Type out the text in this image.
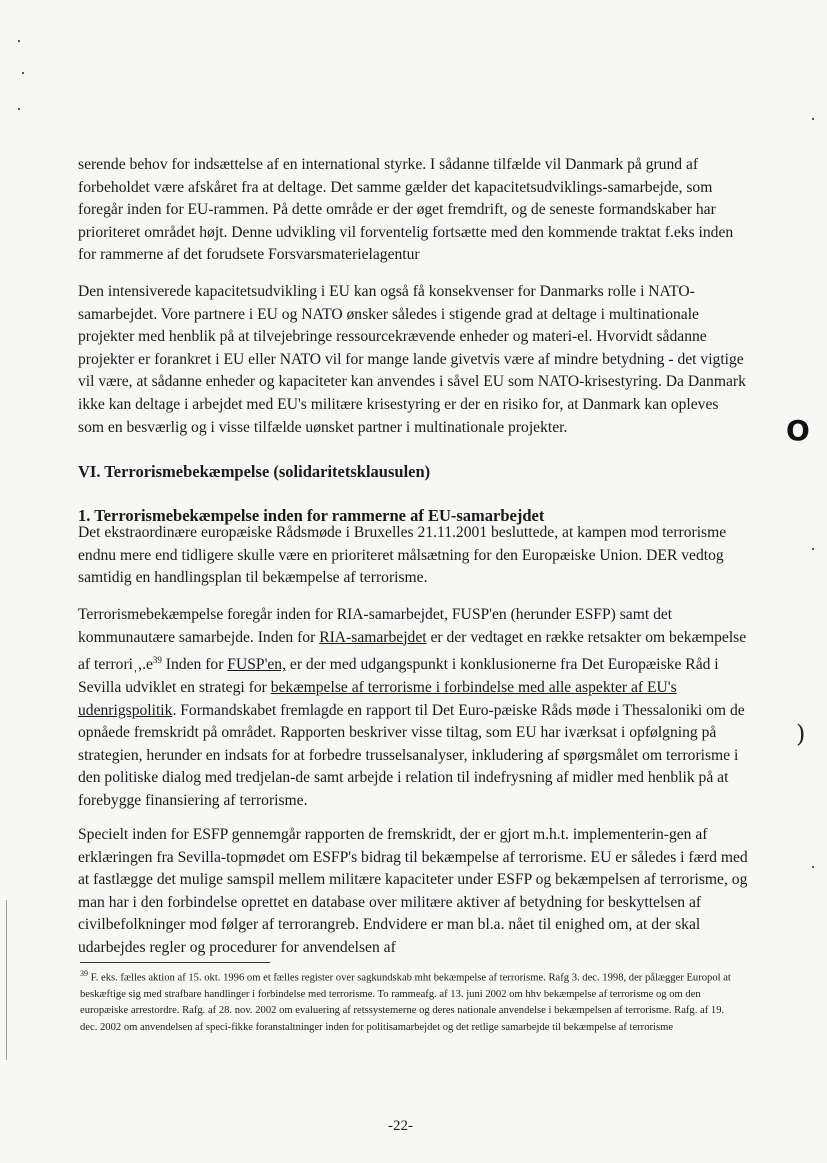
serende behov for indsættelse af en international styrke. I sådanne tilfælde vil Danmark på grund af forbeholdet være afskåret fra at deltage. Det samme gælder det kapacitetsudviklings-samarbejde, som foregår inden for EU-rammen. På dette område er der øget fremdrift, og de seneste formandskaber har prioriteret området højt. Denne udvikling vil forventelig fortsætte med den kommende traktat f.eks inden for rammerne af det forudsete Forsvarsmaterielagentur

Den intensiverede kapacitetsudvikling i EU kan også få konsekvenser for Danmarks rolle i NATO-samarbejdet. Vore partnere i EU og NATO ønsker således i stigende grad at deltage i multinationale projekter med henblik på at tilvejebringe ressourcekrævende enheder og materi-el. Hvorvidt sådanne projekter er forankret i EU eller NATO vil for mange lande givetvis være af mindre betydning - det vigtige vil være, at sådanne enheder og kapaciteter kan anvendes i såvel EU som NATO-krisestyring. Da Danmark ikke kan deltage i arbejdet med EU's militære krisestyring er der en risiko for, at Danmark kan opleves som en besværlig og i visse tilfælde uønsket partner i multinationale projekter.	O
VI. Terrorismebekæmpelse (solidaritetsklausulen)
1. Terrorismebekæmpelse inden for rammerne af EU-samarbejdet

Det ekstraordinære europæiske Rådsmøde i Bruxelles 21.11.2001 besluttede, at kampen mod terrorisme endnu mere end tidligere skulle være en prioriteret målsætning for den Europæiske Union. DER vedtog samtidig en handlingsplan til bekæmpelse af terrorisme.

Terrorismebekæmpelse foregår inden for RIA-samarbejdet, FUSP'en (herunder ESFP) samt det kommunautære samarbejde. Inden for RIA-samarbejdet er der vedtaget en række retsakter om bekæmpelse af $terroriˌ,.e^{39}$ Inden for FUSP'en, er der med udgangspunkt i konklusionerne fra Det Europæiske Råd i Sevilla udviklet en strategi for bekæmpelse af terrorisme i forbindelse med alle aspekter af EU's udenrigspolitik. Formandskabet fremlagde en rapport til Det Euro-pæiske Råds møde i Thessaloniki om de opnåede fremskridt på området. Rapporten beskriver visse tiltag, som EU har iværksat i opfølgning på strategien, herunder en indsats for at forbedre trusselsanalyser, inkludering af spørgsmålet om terrorisme i den politiske dialog med tredjelan-de samt arbejde i relation til indefrysning af midler med henblik på at forebygge finansiering af terrorisme.

)

Specielt inden for ESFP gennemgår rapporten de fremskridt, der er gjort m.h.t. implementerin-gen af erklæringen fra Sevilla-topmødet om ESFP's bidrag til bekæmpelse af terrorisme. EU er således i færd med at fastlægge det mulige samspil mellem militære kapaciteter under ESFP og bekæmpelsen af terrorisme, og man har i den forbindelse oprettet en database over militære aktiver af betydning for beskyttelsen af civilbefolkninger mod følger af terrorangreb. Endvidere er man bl.a. nået til enighed om, at der skal udarbejdes regler og procedurer for anvendelsen af

$^{39}$ F. eks. fælles aktion af 15. okt. 1996 om et fælles register over sagkundskab mht bekæmpelse af terrorisme. Rafg 3. dec. 1998, der pålægger Europol at beskæftige sig med strafbare handlinger i forbindelse med terrorisme. To rammeafg. af 13. juni 2002 om hhv bekæmpelse af terrorisme og om den europæiske arrestordre. Rafg. af 28. nov. 2002 om evaluering af retssystemerne og deres nationale anvendelse i bekæmpelsen af terrorisme. Rafg. af 19. dec. 2002 om anvendelsen af speci-fikke foranstaltninger inden for politisamarbejdet og det retlige samarbejde til bekæmpelse af terrorisme

-22-
